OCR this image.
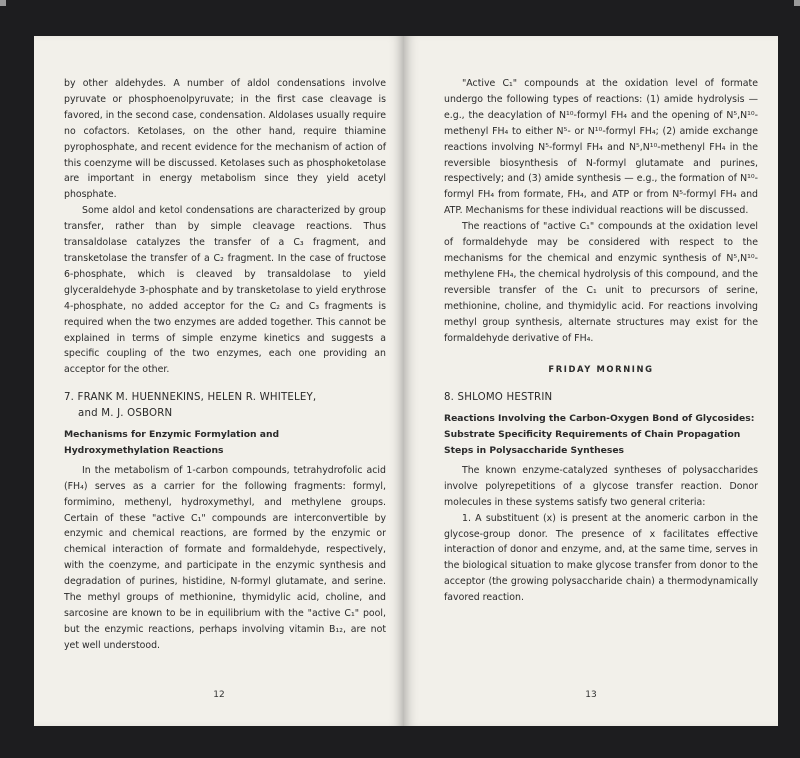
by other aldehydes. A number of aldol condensations involve pyruvate or phosphoenolpyruvate; in the first case cleavage is favored, in the second case, condensation. Aldolases usually require no cofactors. Ketolases, on the other hand, require thiamine pyrophosphate, and recent evidence for the mechanism of action of this coenzyme will be discussed. Ketolases such as phosphoketolase are important in energy metabolism since they yield acetyl phosphate.

Some aldol and ketol condensations are characterized by group transfer, rather than by simple cleavage reactions. Thus transaldolase catalyzes the transfer of a C₃ fragment, and transketolase the transfer of a C₂ fragment. In the case of fructose 6-phosphate, which is cleaved by transaldolase to yield glyceraldehyde 3-phosphate and by transketolase to yield erythrose 4-phosphate, no added acceptor for the C₂ and C₃ fragments is required when the two enzymes are added together. This cannot be explained in terms of simple enzyme kinetics and suggests a specific coupling of the two enzymes, each one providing an acceptor for the other.

7. FRANK M. HUENNEKINS, HELEN R. WHITELEY,
and M. J. OSBORN
Mechanisms for Enzymic Formylation and Hydroxymethylation Reactions

In the metabolism of 1-carbon compounds, tetrahydrofolic acid (FH₄) serves as a carrier for the following fragments: formyl, formimino, methenyl, hydroxymethyl, and methylene groups. Certain of these "active C₁" compounds are interconvertible by enzymic and chemical reactions, are formed by the enzymic or chemical interaction of formate and formaldehyde, respectively, with the coenzyme, and participate in the enzymic synthesis and degradation of purines, histidine, N-formyl glutamate, and serine. The methyl groups of methionine, thymidylic acid, choline, and sarcosine are known to be in equilibrium with the "active C₁" pool, but the enzymic reactions, perhaps involving vitamin B₁₂, are not yet well understood.

12

"Active C₁" compounds at the oxidation level of formate undergo the following types of reactions: (1) amide hydrolysis — e.g., the deacylation of N¹⁰-formyl FH₄ and the opening of N⁵,N¹⁰-methenyl FH₄ to either N⁵- or N¹⁰-formyl FH₄; (2) amide exchange reactions involving N⁵-formyl FH₄ and N⁵,N¹⁰-methenyl FH₄ in the reversible biosynthesis of N-formyl glutamate and purines, respectively; and (3) amide synthesis — e.g., the formation of N¹⁰-formyl FH₄ from formate, FH₄, and ATP or from N⁵-formyl FH₄ and ATP. Mechanisms for these individual reactions will be discussed.

The reactions of "active C₁" compounds at the oxidation level of formaldehyde may be considered with respect to the mechanisms for the chemical and enzymic synthesis of N⁵,N¹⁰-methylene FH₄, the chemical hydrolysis of this compound, and the reversible transfer of the C₁ unit to precursors of serine, methionine, choline, and thymidylic acid. For reactions involving methyl group synthesis, alternate structures may exist for the formaldehyde derivative of FH₄.

FRIDAY MORNING
8. SHLOMO HESTRIN
Reactions Involving the Carbon-Oxygen Bond of Glycosides: Substrate Specificity Requirements of Chain Propagation Steps in Polysaccharide Syntheses

The known enzyme-catalyzed syntheses of polysaccharides involve polyrepetitions of a glycose transfer reaction. Donor molecules in these systems satisfy two general criteria:

1. A substituent (x) is present at the anomeric carbon in the glycose-group donor. The presence of x facilitates effective interaction of donor and enzyme, and, at the same time, serves in the biological situation to make glycose transfer from donor to the acceptor (the growing polysaccharide chain) a thermodynamically favored reaction.

13
